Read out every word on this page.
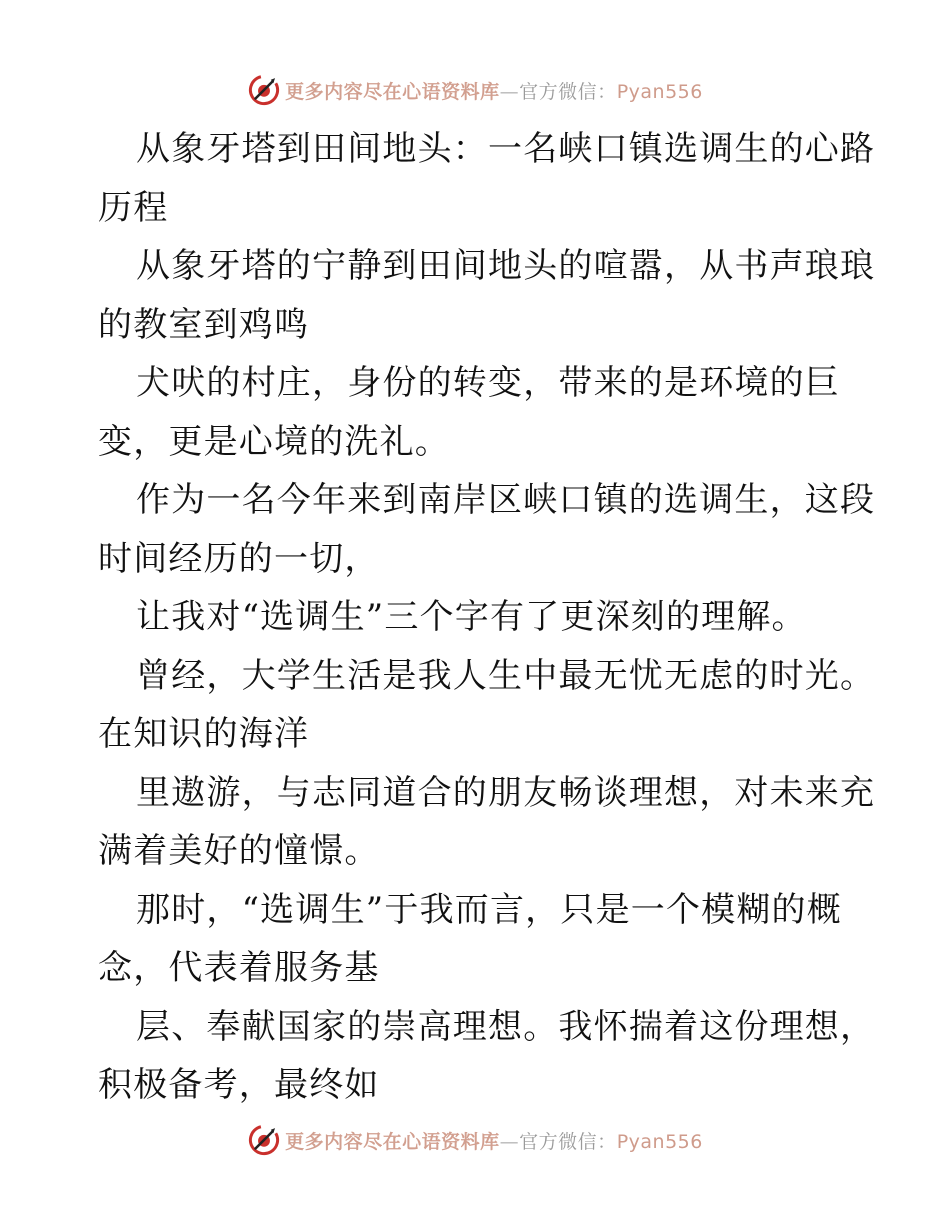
更多内容尽在心语资料库—官方微信：Pyan556
从象牙塔到田间地头：一名峡口镇选调生的心路
历程
从象牙塔的宁静到田间地头的喧嚣，从书声琅琅
的教室到鸡鸣
犬吠的村庄，身份的转变，带来的是环境的巨
变，更是心境的洗礼。
作为一名今年来到南岸区峡口镇的选调生，这段
时间经历的一切，
让我对“选调生”三个字有了更深刻的理解。
曾经，大学生活是我人生中最无忧无虑的时光。
在知识的海洋
里遨游，与志同道合的朋友畅谈理想，对未来充
满着美好的憧憬。
那时，“选调生”于我而言，只是一个模糊的概
念，代表着服务基
层、奉献国家的崇高理想。我怀揣着这份理想，
积极备考，最终如
更多内容尽在心语资料库—官方微信：Pyan556
